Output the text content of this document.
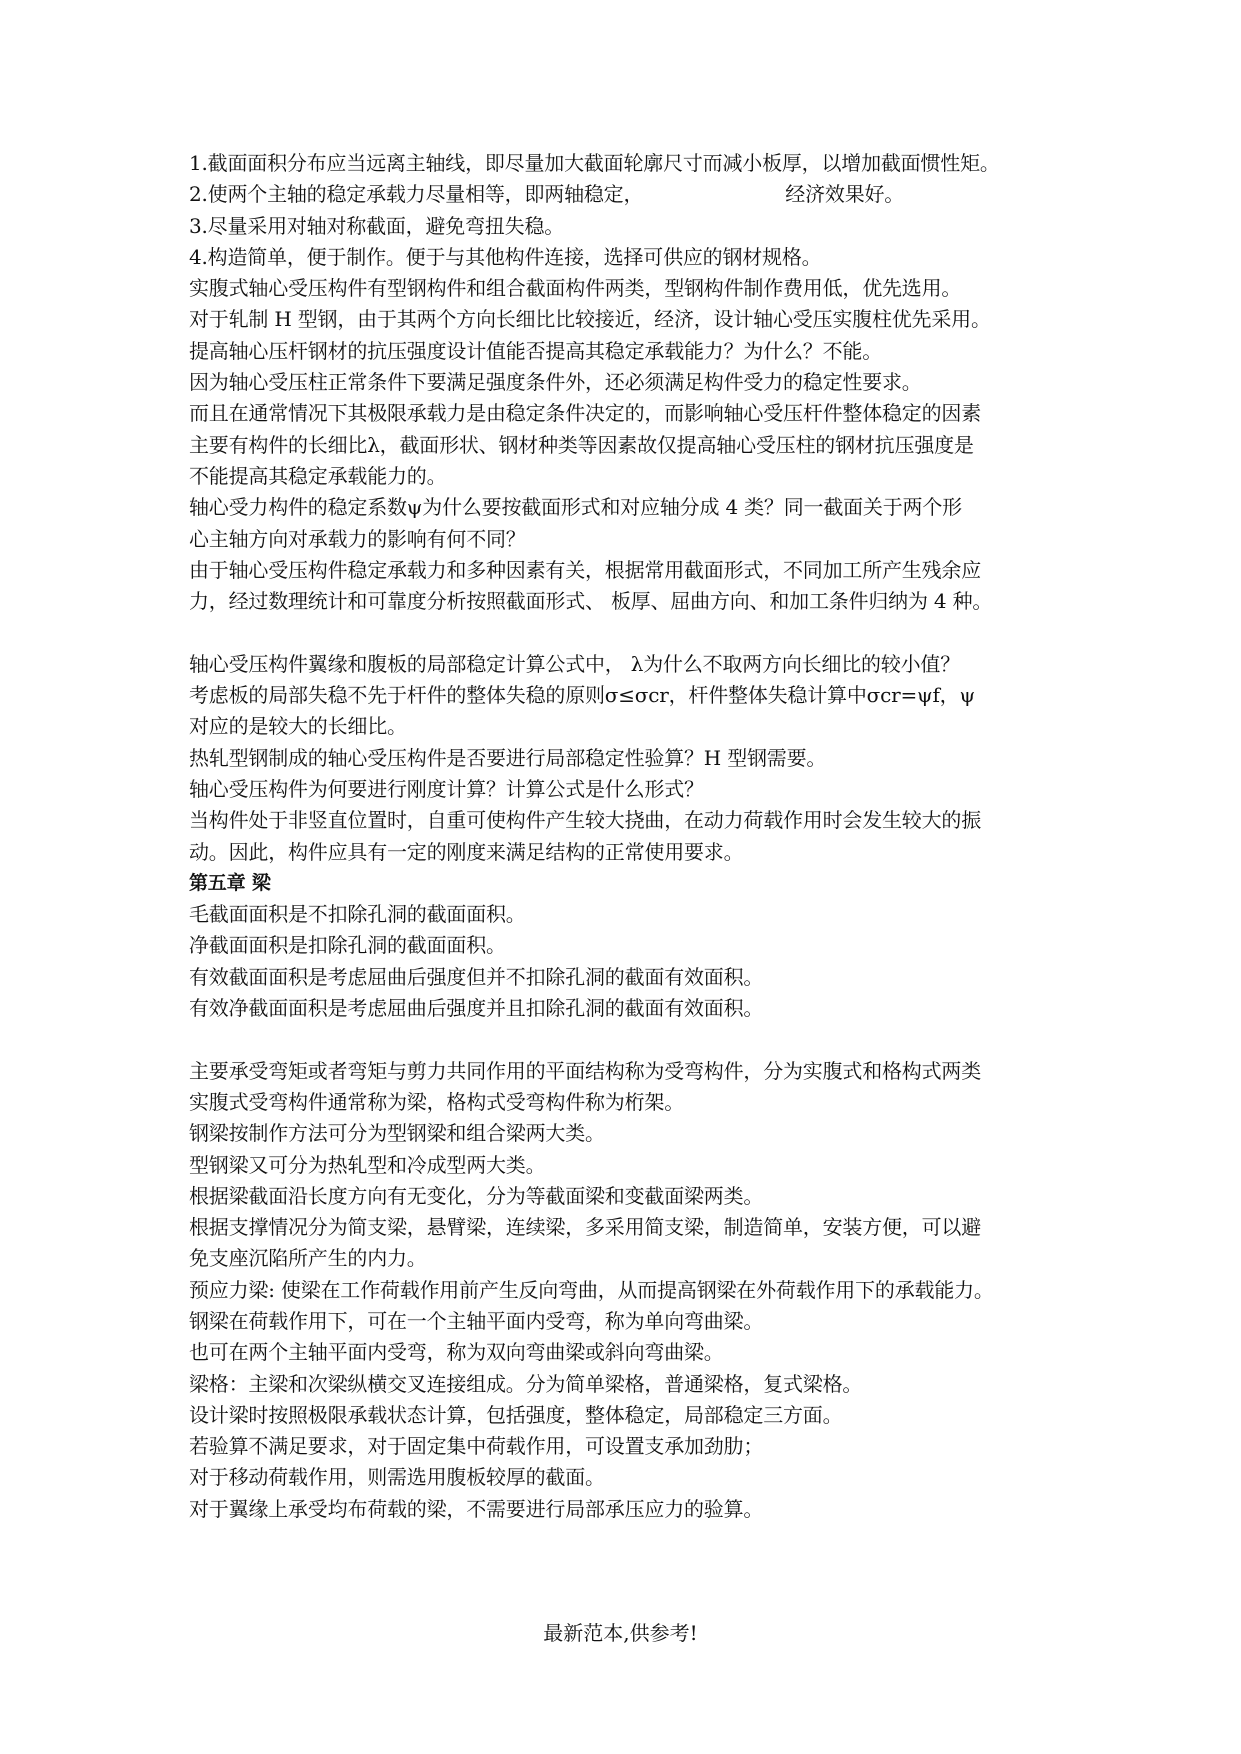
1.截面面积分布应当远离主轴线，即尽量加大截面轮廓尺寸而减小板厚，以增加截面惯性矩。
2.使两个主轴的稳定承载力尽量相等，即两轴稳定，	经济效果好。
3.尽量采用对轴对称截面，避免弯扭失稳。
4.构造简单，便于制作。便于与其他构件连接，选择可供应的钢材规格。
实腹式轴心受压构件有型钢构件和组合截面构件两类，型钢构件制作费用低，优先选用。
对于轧制 H 型钢，由于其两个方向长细比比较接近，经济，设计轴心受压实腹柱优先采用。
提高轴心压杆钢材的抗压强度设计值能否提高其稳定承载能力？为什么？不能。
因为轴心受压柱正常条件下要满足强度条件外，还必须满足构件受力的稳定性要求。
而且在通常情况下其极限承载力是由稳定条件决定的，而影响轴心受压杆件整体稳定的因素
主要有构件的长细比λ，截面形状、钢材种类等因素故仅提高轴心受压柱的钢材抗压强度是
不能提高其稳定承载能力的。
轴心受力构件的稳定系数ψ为什么要按截面形式和对应轴分成 4 类？同一截面关于两个形
心主轴方向对承载力的影响有何不同？
由于轴心受压构件稳定承载力和多种因素有关，根据常用截面形式，不同加工所产生残余应
力，经过数理统计和可靠度分析按照截面形式、 板厚、屈曲方向、和加工条件归纳为 4 种。
轴心受压构件翼缘和腹板的局部稳定计算公式中， λ为什么不取两方向长细比的较小值？
考虑板的局部失稳不先于杆件的整体失稳的原则σ≤σcr，杆件整体失稳计算中σcr=ψf，ψ
对应的是较大的长细比。
热轧型钢制成的轴心受压构件是否要进行局部稳定性验算？H 型钢需要。
轴心受压构件为何要进行刚度计算？计算公式是什么形式？
当构件处于非竖直位置时，自重可使构件产生较大挠曲，在动力荷载作用时会发生较大的振
动。因此，构件应具有一定的刚度来满足结构的正常使用要求。
第五章 梁
毛截面面积是不扣除孔洞的截面面积。
净截面面积是扣除孔洞的截面面积。
有效截面面积是考虑屈曲后强度但并不扣除孔洞的截面有效面积。
有效净截面面积是考虑屈曲后强度并且扣除孔洞的截面有效面积。
主要承受弯矩或者弯矩与剪力共同作用的平面结构称为受弯构件，分为实腹式和格构式两类
实腹式受弯构件通常称为梁，格构式受弯构件称为桁架。
钢梁按制作方法可分为型钢梁和组合梁两大类。
型钢梁又可分为热轧型和冷成型两大类。
根据梁截面沿长度方向有无变化，分为等截面梁和变截面梁两类。
根据支撑情况分为简支梁，悬臂梁，连续梁，多采用简支梁，制造简单，安装方便，可以避
免支座沉陷所产生的内力。
预应力梁: 使梁在工作荷载作用前产生反向弯曲，从而提高钢梁在外荷载作用下的承载能力。
钢梁在荷载作用下，可在一个主轴平面内受弯，称为单向弯曲梁。
也可在两个主轴平面内受弯，称为双向弯曲梁或斜向弯曲梁。
梁格：主梁和次梁纵横交叉连接组成。分为简单梁格，普通梁格，复式梁格。
设计梁时按照极限承载状态计算，包括强度，整体稳定，局部稳定三方面。
若验算不满足要求，对于固定集中荷载作用，可设置支承加劲肋；
对于移动荷载作用，则需选用腹板较厚的截面。
对于翼缘上承受均布荷载的梁，不需要进行局部承压应力的验算。
最新范本,供参考!
